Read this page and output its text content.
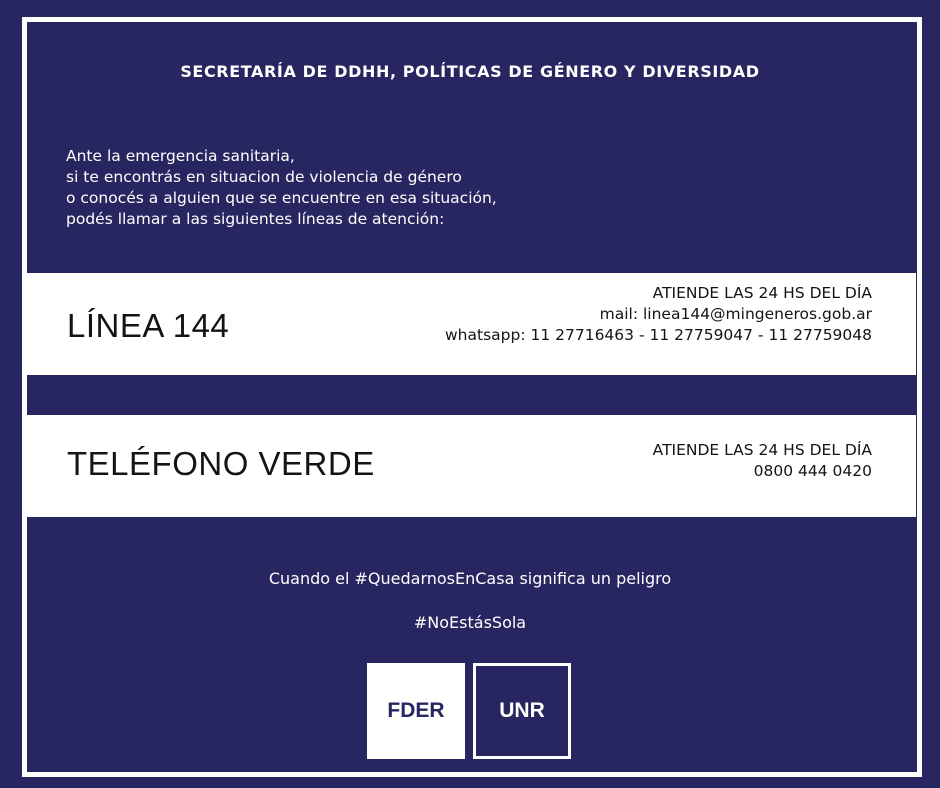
SECRETARÍA DE DDHH, POLÍTICAS DE GÉNERO Y DIVERSIDAD
Ante la emergencia sanitaria,
si te encontrás en situacion de violencia de género
o conocés a alguien que se encuentre en esa situación,
podés llamar a las siguientes líneas de atención:
LÍNEA 144
ATIENDE LAS 24 HS DEL DÍA
mail: linea144@mingeneros.gob.ar
whatsapp: 11 27716463 - 11 27759047 - 11 27759048
TELÉFONO VERDE	ATIENDE LAS 24 HS DEL DÍA
0800 444 0420
Cuando el #QuedarnosEnCasa significa un peligro
#NoEstásSola
FDER	UNR
